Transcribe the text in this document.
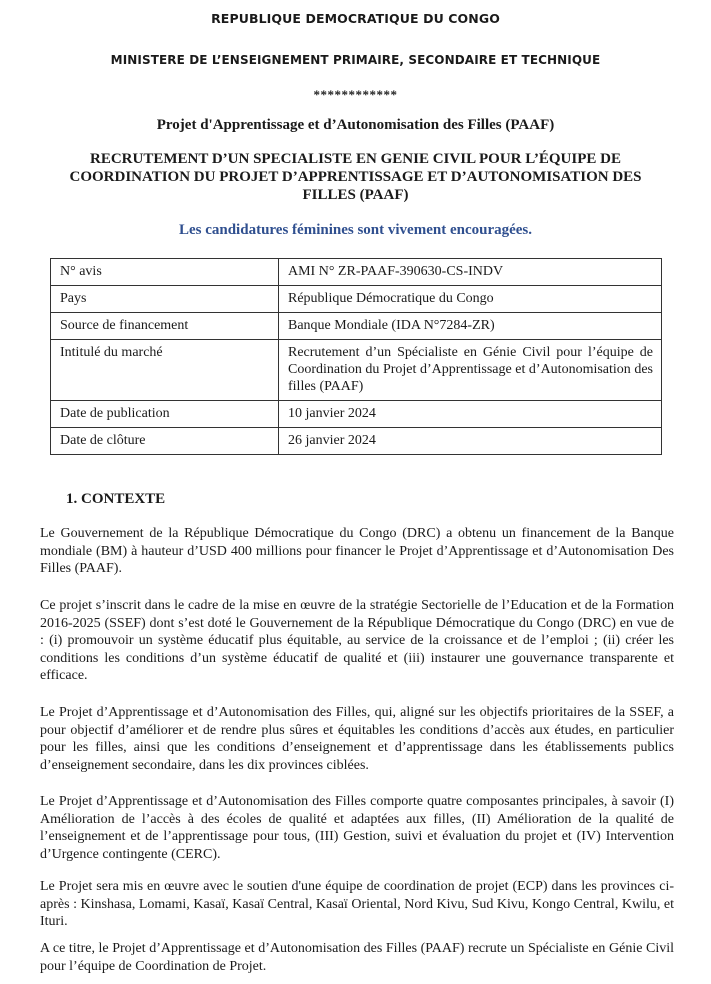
REPUBLIQUE DEMOCRATIQUE DU CONGO
MINISTERE DE L’ENSEIGNEMENT PRIMAIRE, SECONDAIRE ET TECHNIQUE
************
Projet d'Apprentissage et d’Autonomisation des Filles (PAAF)
RECRUTEMENT D’UN SPECIALISTE EN GENIE CIVIL POUR L’ÉQUIPE DE COORDINATION DU PROJET D’APPRENTISSAGE ET D’AUTONOMISATION DES FILLES (PAAF)
Les candidatures féminines sont vivement encouragées.
N° avis	AMI N° ZR-PAAF-390630-CS-INDV
Pays	République Démocratique du Congo
Source de financement	Banque Mondiale (IDA N°7284-ZR)
Intitulé du marché	Recrutement d’un Spécialiste en Génie Civil pour l’équipe de Coordination du Projet d’Apprentissage et d’Autonomisation des filles (PAAF)
Date de publication	10 janvier 2024
Date de clôture	26 janvier 2024
1. CONTEXTE

Le Gouvernement de la République Démocratique du Congo (DRC) a obtenu un financement de la Banque mondiale (BM) à hauteur d’USD 400 millions pour financer le Projet d’Apprentissage et d’Autonomisation Des Filles (PAAF).

Ce projet s’inscrit dans le cadre de la mise en œuvre de la stratégie Sectorielle de l’Education et de la Formation 2016-2025 (SSEF) dont s’est doté le Gouvernement de la République Démocratique du Congo (DRC) en vue de : (i) promouvoir un système éducatif plus équitable, au service de la croissance et de l’emploi ; (ii) créer les conditions les conditions d’un système éducatif de qualité et (iii) instaurer une gouvernance transparente et efficace.

Le Projet d’Apprentissage et d’Autonomisation des Filles, qui, aligné sur les objectifs prioritaires de la SSEF, a pour objectif d’améliorer et de rendre plus sûres et équitables les conditions d’accès aux études, en particulier pour les filles, ainsi que les conditions d’enseignement et d’apprentissage dans les établissements publics d’enseignement secondaire, dans les dix provinces ciblées.

Le Projet d’Apprentissage et d’Autonomisation des Filles comporte quatre composantes principales, à savoir (I) Amélioration de l’accès à des écoles de qualité et adaptées aux filles, (II) Amélioration de la qualité de l’enseignement et de l’apprentissage pour tous, (III) Gestion, suivi et évaluation du projet et (IV) Intervention d’Urgence contingente (CERC).

Le Projet sera mis en œuvre avec le soutien d'une équipe de coordination de projet (ECP) dans les provinces ci-après : Kinshasa, Lomami, Kasaï, Kasaï Central, Kasaï Oriental, Nord Kivu, Sud Kivu, Kongo Central, Kwilu, et Ituri.

A ce titre, le Projet d’Apprentissage et d’Autonomisation des Filles (PAAF) recrute un Spécialiste en Génie Civil pour l’équipe de Coordination de Projet.
